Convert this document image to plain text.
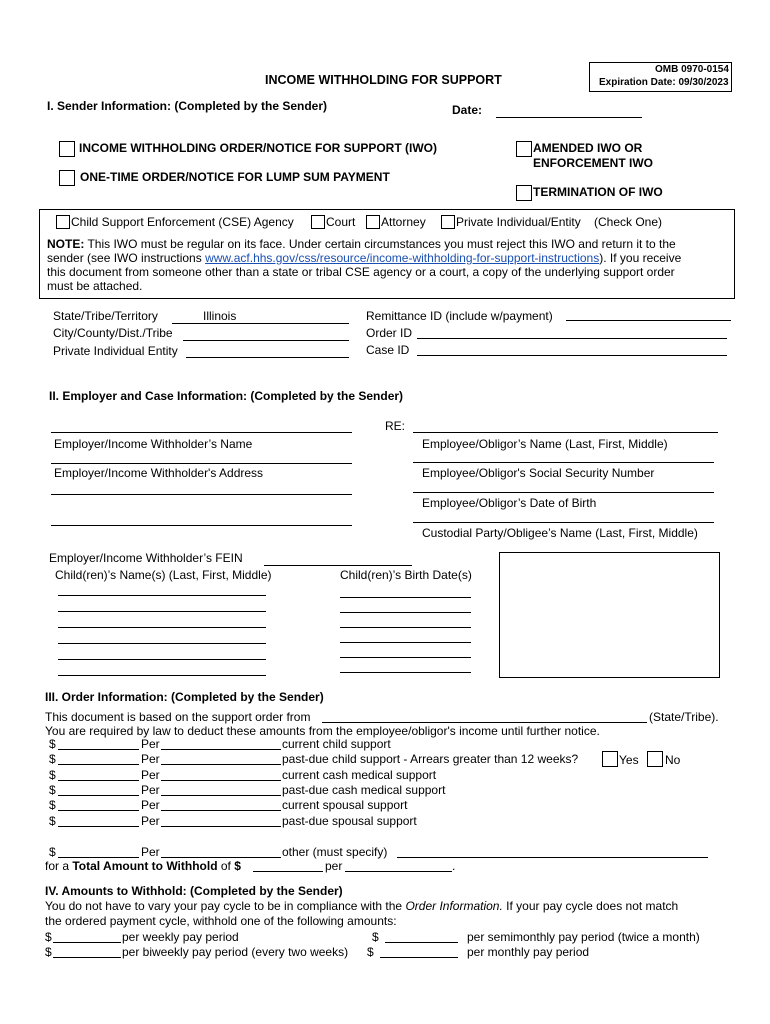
OMB 0970-0154
Expiration Date: 09/30/2023
INCOME WITHHOLDING FOR SUPPORT
I. Sender Information: (Completed by the Sender)	Date:
INCOME WITHHOLDING ORDER/NOTICE FOR SUPPORT (IWO)
ONE-TIME ORDER/NOTICE FOR LUMP SUM PAYMENT
AMENDED IWO OR
ENFORCEMENT IWO
TERMINATION OF IWO
Child Support Enforcement (CSE) Agency	Court Attorney	Private Individual/Entity (Check One)
NOTE: This IWO must be regular on its face. Under certain circumstances you must reject this IWO and return it to the
sender (see IWO instructions www.acf.hhs.gov/css/resource/income-withholding-for-support-instructions). If you receive
this document from someone other than a state or tribal CSE agency or a court, a copy of the underlying support order
must be attached.
State/Tribe/Territory	Illinois
City/County/Dist./Tribe
Private Individual Entity
Remittance ID (include w/payment)
Order ID
Case ID
II. Employer and Case Information: (Completed by the Sender)
RE:
Employer/Income Withholder’s Name
Employer/Income Withholder's Address
Employee/Obligor’s Name (Last, First, Middle)
Employee/Obligor's Social Security Number
Employee/Obligor’s Date of Birth
Custodial Party/Obligee’s Name (Last, First, Middle)
Employer/Income Withholder’s FEIN
Child(ren)’s Name(s) (Last, First, Middle)	Child(ren)’s Birth Date(s)
III. Order Information: (Completed by the Sender)
This document is based on the support order from	(State/Tribe).
You are required by law to deduct these amounts from the employee/obligor's income until further notice.
$	Per	current child support
$	Per	past-due child support - Arrears greater than 12 weeks?	Yes No
$	Per	current cash medical support
$	Per	past-due cash medical support
$	Per	current spousal support
$	Per	past-due spousal support
$	Per	other (must specify)
for a Total Amount to Withhold of $	per	.
IV. Amounts to Withhold: (Completed by the Sender)
You do not have to vary your pay cycle to be in compliance with the Order Information. If your pay cycle does not match
the ordered payment cycle, withhold one of the following amounts:
$	per weekly pay period	$	per semimonthly pay period (twice a month)
$	per biweekly pay period (every two weeks) $	per monthly pay period
